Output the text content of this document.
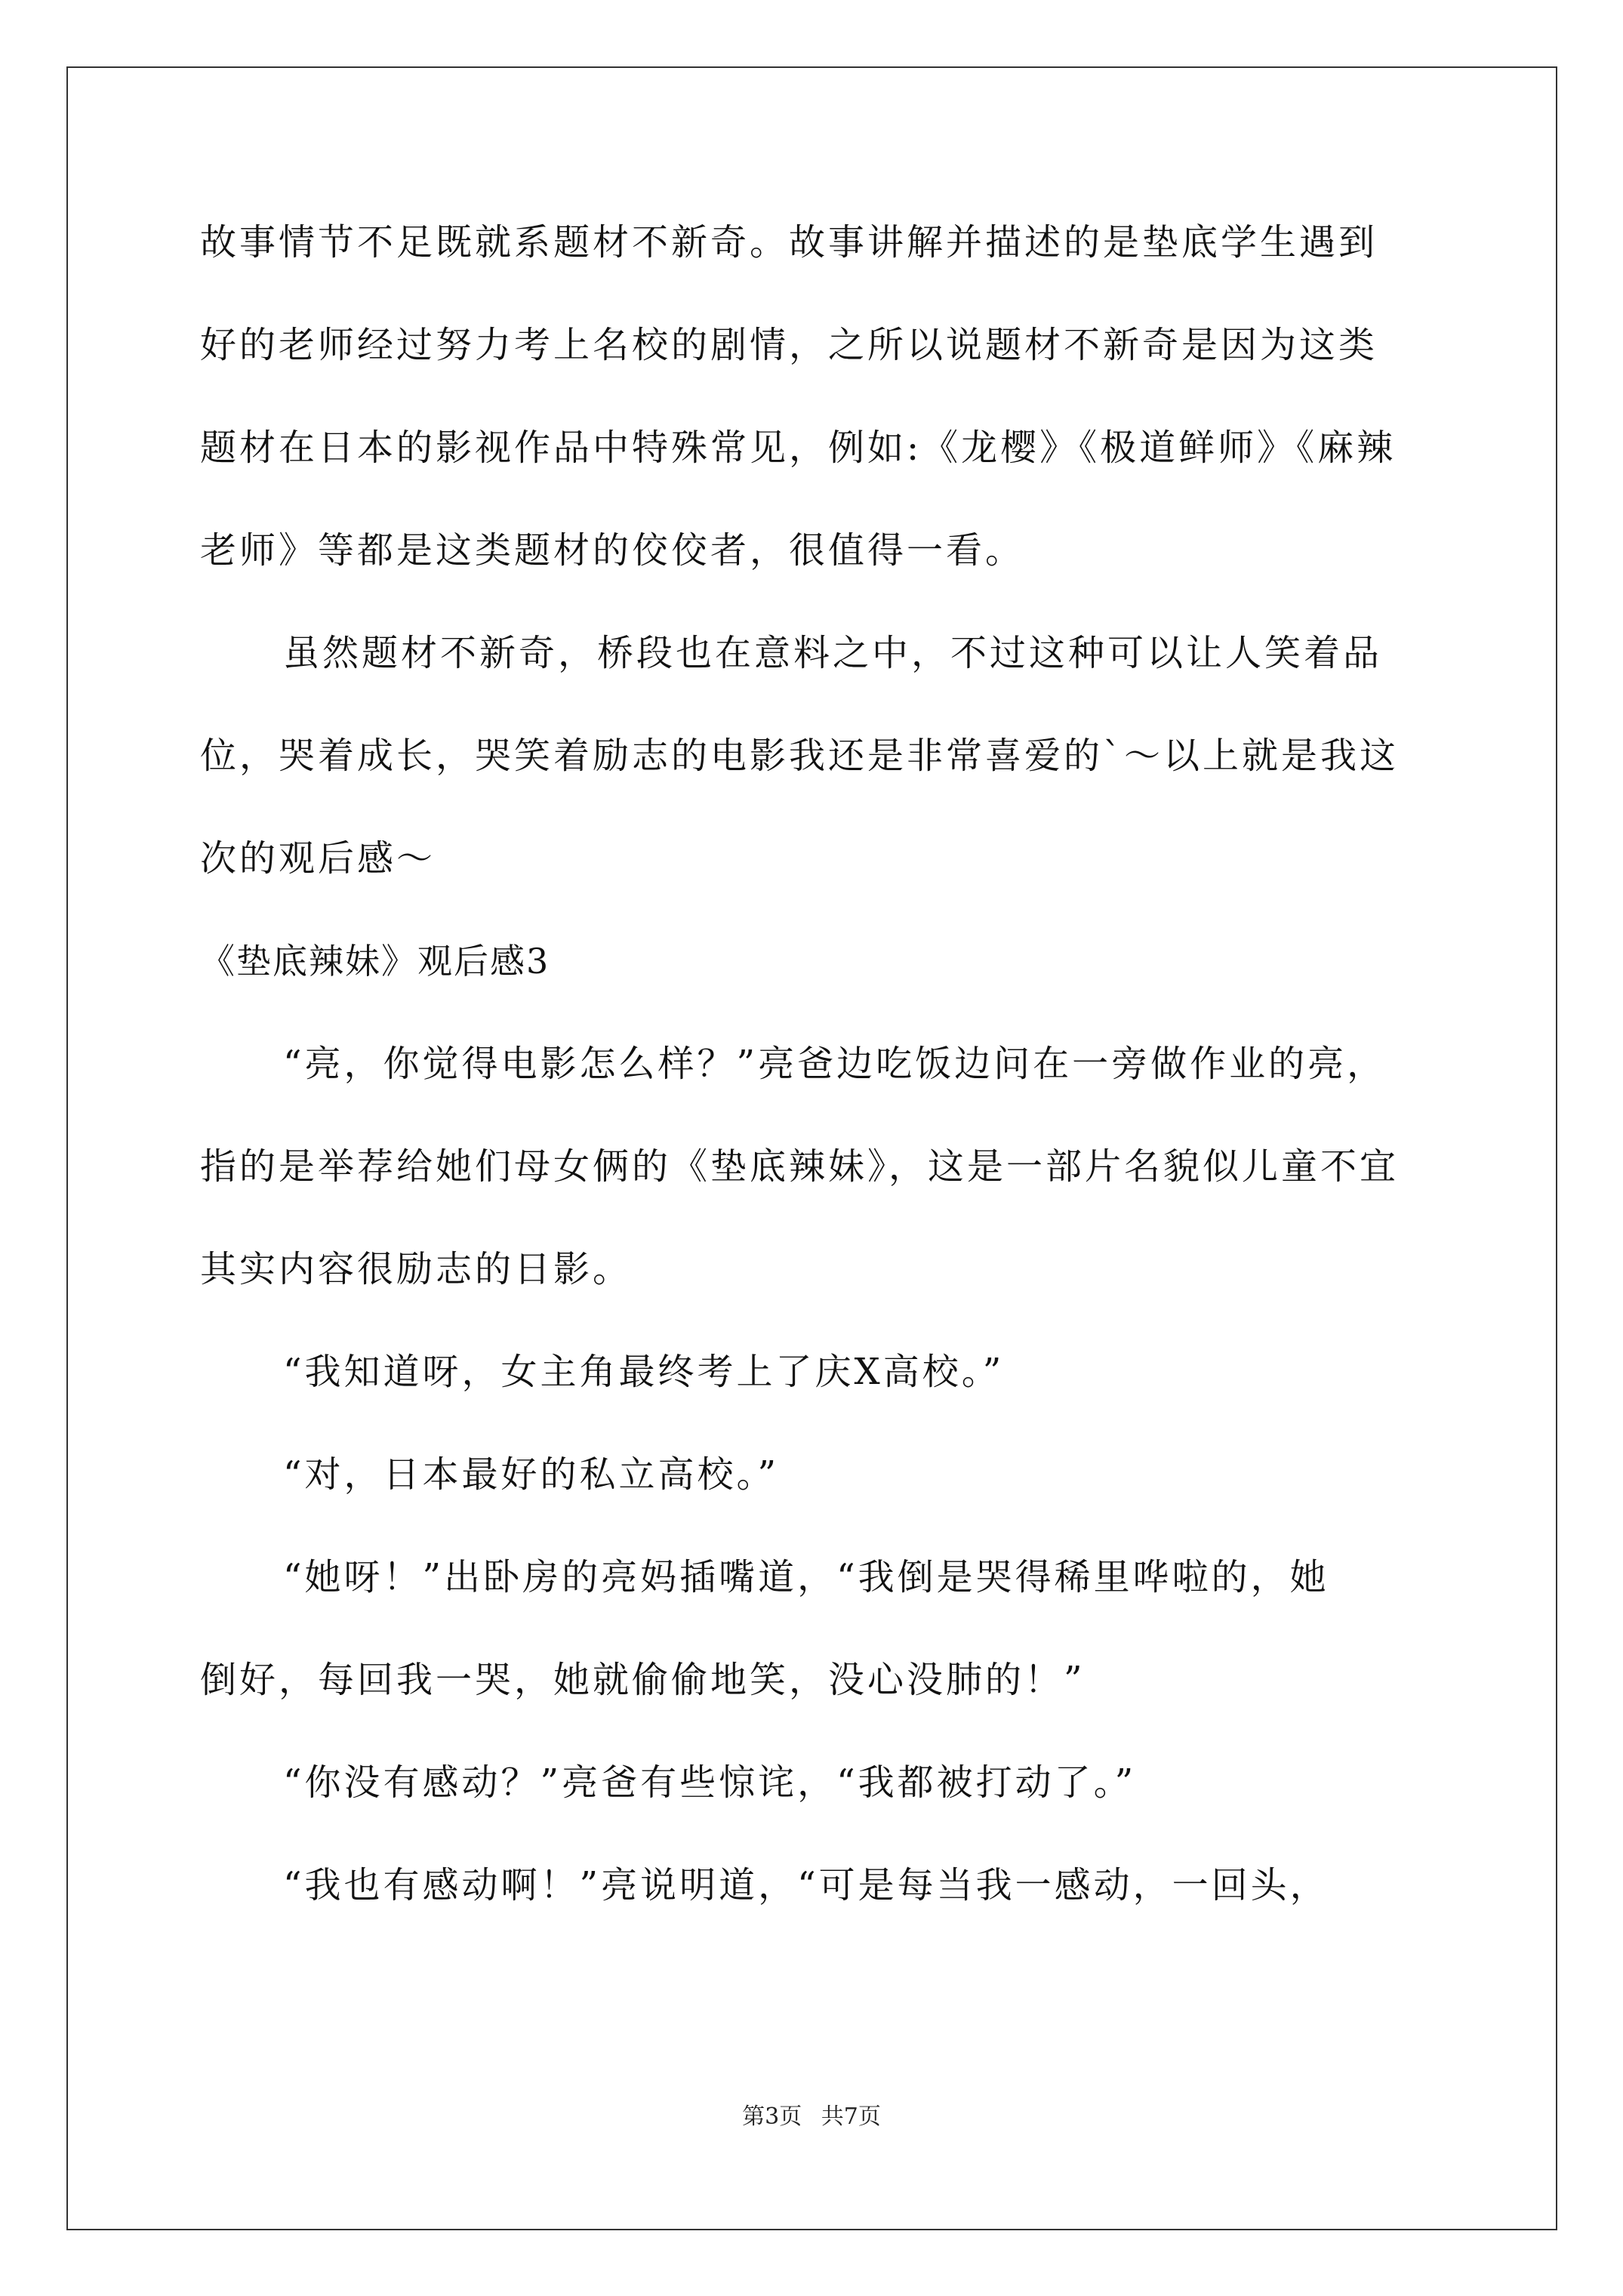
故事情节不足既就系题材不新奇。故事讲解并描述的是垫底学生遇到
好的老师经过努力考上名校的剧情，之所以说题材不新奇是因为这类
题材在日本的影视作品中特殊常见，例如:《龙樱》《极道鲜师》《麻辣
老师》等都是这类题材的佼佼者，很值得一看。
虽然题材不新奇，桥段也在意料之中，不过这种可以让人笑着品
位，哭着成长，哭笑着励志的电影我还是非常喜爱的`～以上就是我这
次的观后感～
《垫底辣妹》观后感3
“亮，你觉得电影怎么样？”亮爸边吃饭边问在一旁做作业的亮，
指的是举荐给她们母女俩的《垫底辣妹》，这是一部片名貌似儿童不宜
其实内容很励志的日影。
“我知道呀，女主角最终考上了庆X高校。”
“对，日本最好的私立高校。”
“她呀！”出卧房的亮妈插嘴道，“我倒是哭得稀里哗啦的，她
倒好，每回我一哭，她就偷偷地笑，没心没肺的！”
“你没有感动？”亮爸有些惊诧，“我都被打动了。”
“我也有感动啊！”亮说明道，“可是每当我一感动，一回头，
第3页 共7页
